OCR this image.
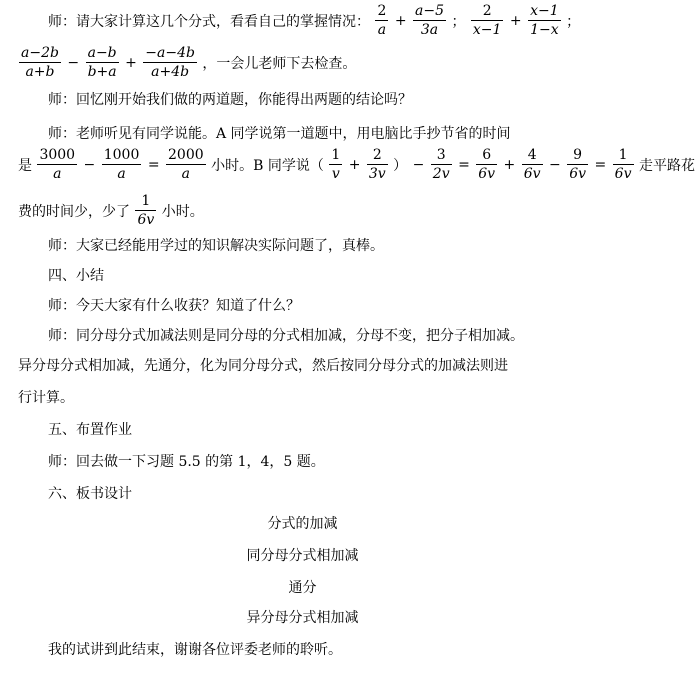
师：请大家计算这几个分式，看看自己的掌握情况： $\frac{2}{a} + \frac{a-5}{3a}$ ； $\frac{2}{x-1} + \frac{x-1}{1-x}$ ；
$\frac{a-2b}{a+b} - \frac{a-b}{b+a} + \frac{-a-4b}{a+4b}$ ，一会儿老师下去检查。
师：回忆刚开始我们做的两道题，你能得出两题的结论吗？
师：老师听见有同学说能。A 同学说第一道题中，用电脑比手抄节省的时间
是 $\frac{3000}{a} - \frac{1000}{a} = \frac{2000}{a}$ 小时。B 同学说（ $\frac{1}{v} + \frac{2}{3v}$ ） − $\frac{3}{2v} = \frac{6}{6v} + \frac{4}{6v} - \frac{9}{6v} = \frac{1}{6v}$ 走平路花
费的时间少，少了 $\frac{1}{6v}$ 小时。
师：大家已经能用学过的知识解决实际问题了，真棒。
四、小结
师：今天大家有什么收获？知道了什么？
师：同分母分式加减法则是同分母的分式相加减，分母不变，把分子相加减。
异分母分式相加减，先通分，化为同分母分式，然后按同分母分式的加减法则进
行计算。
五、布置作业
师：回去做一下习题 5.5 的第 1，4，5 题。
六、板书设计
分式的加减
同分母分式相加减
通分
异分母分式相加减
我的试讲到此结束，谢谢各位评委老师的聆听。
